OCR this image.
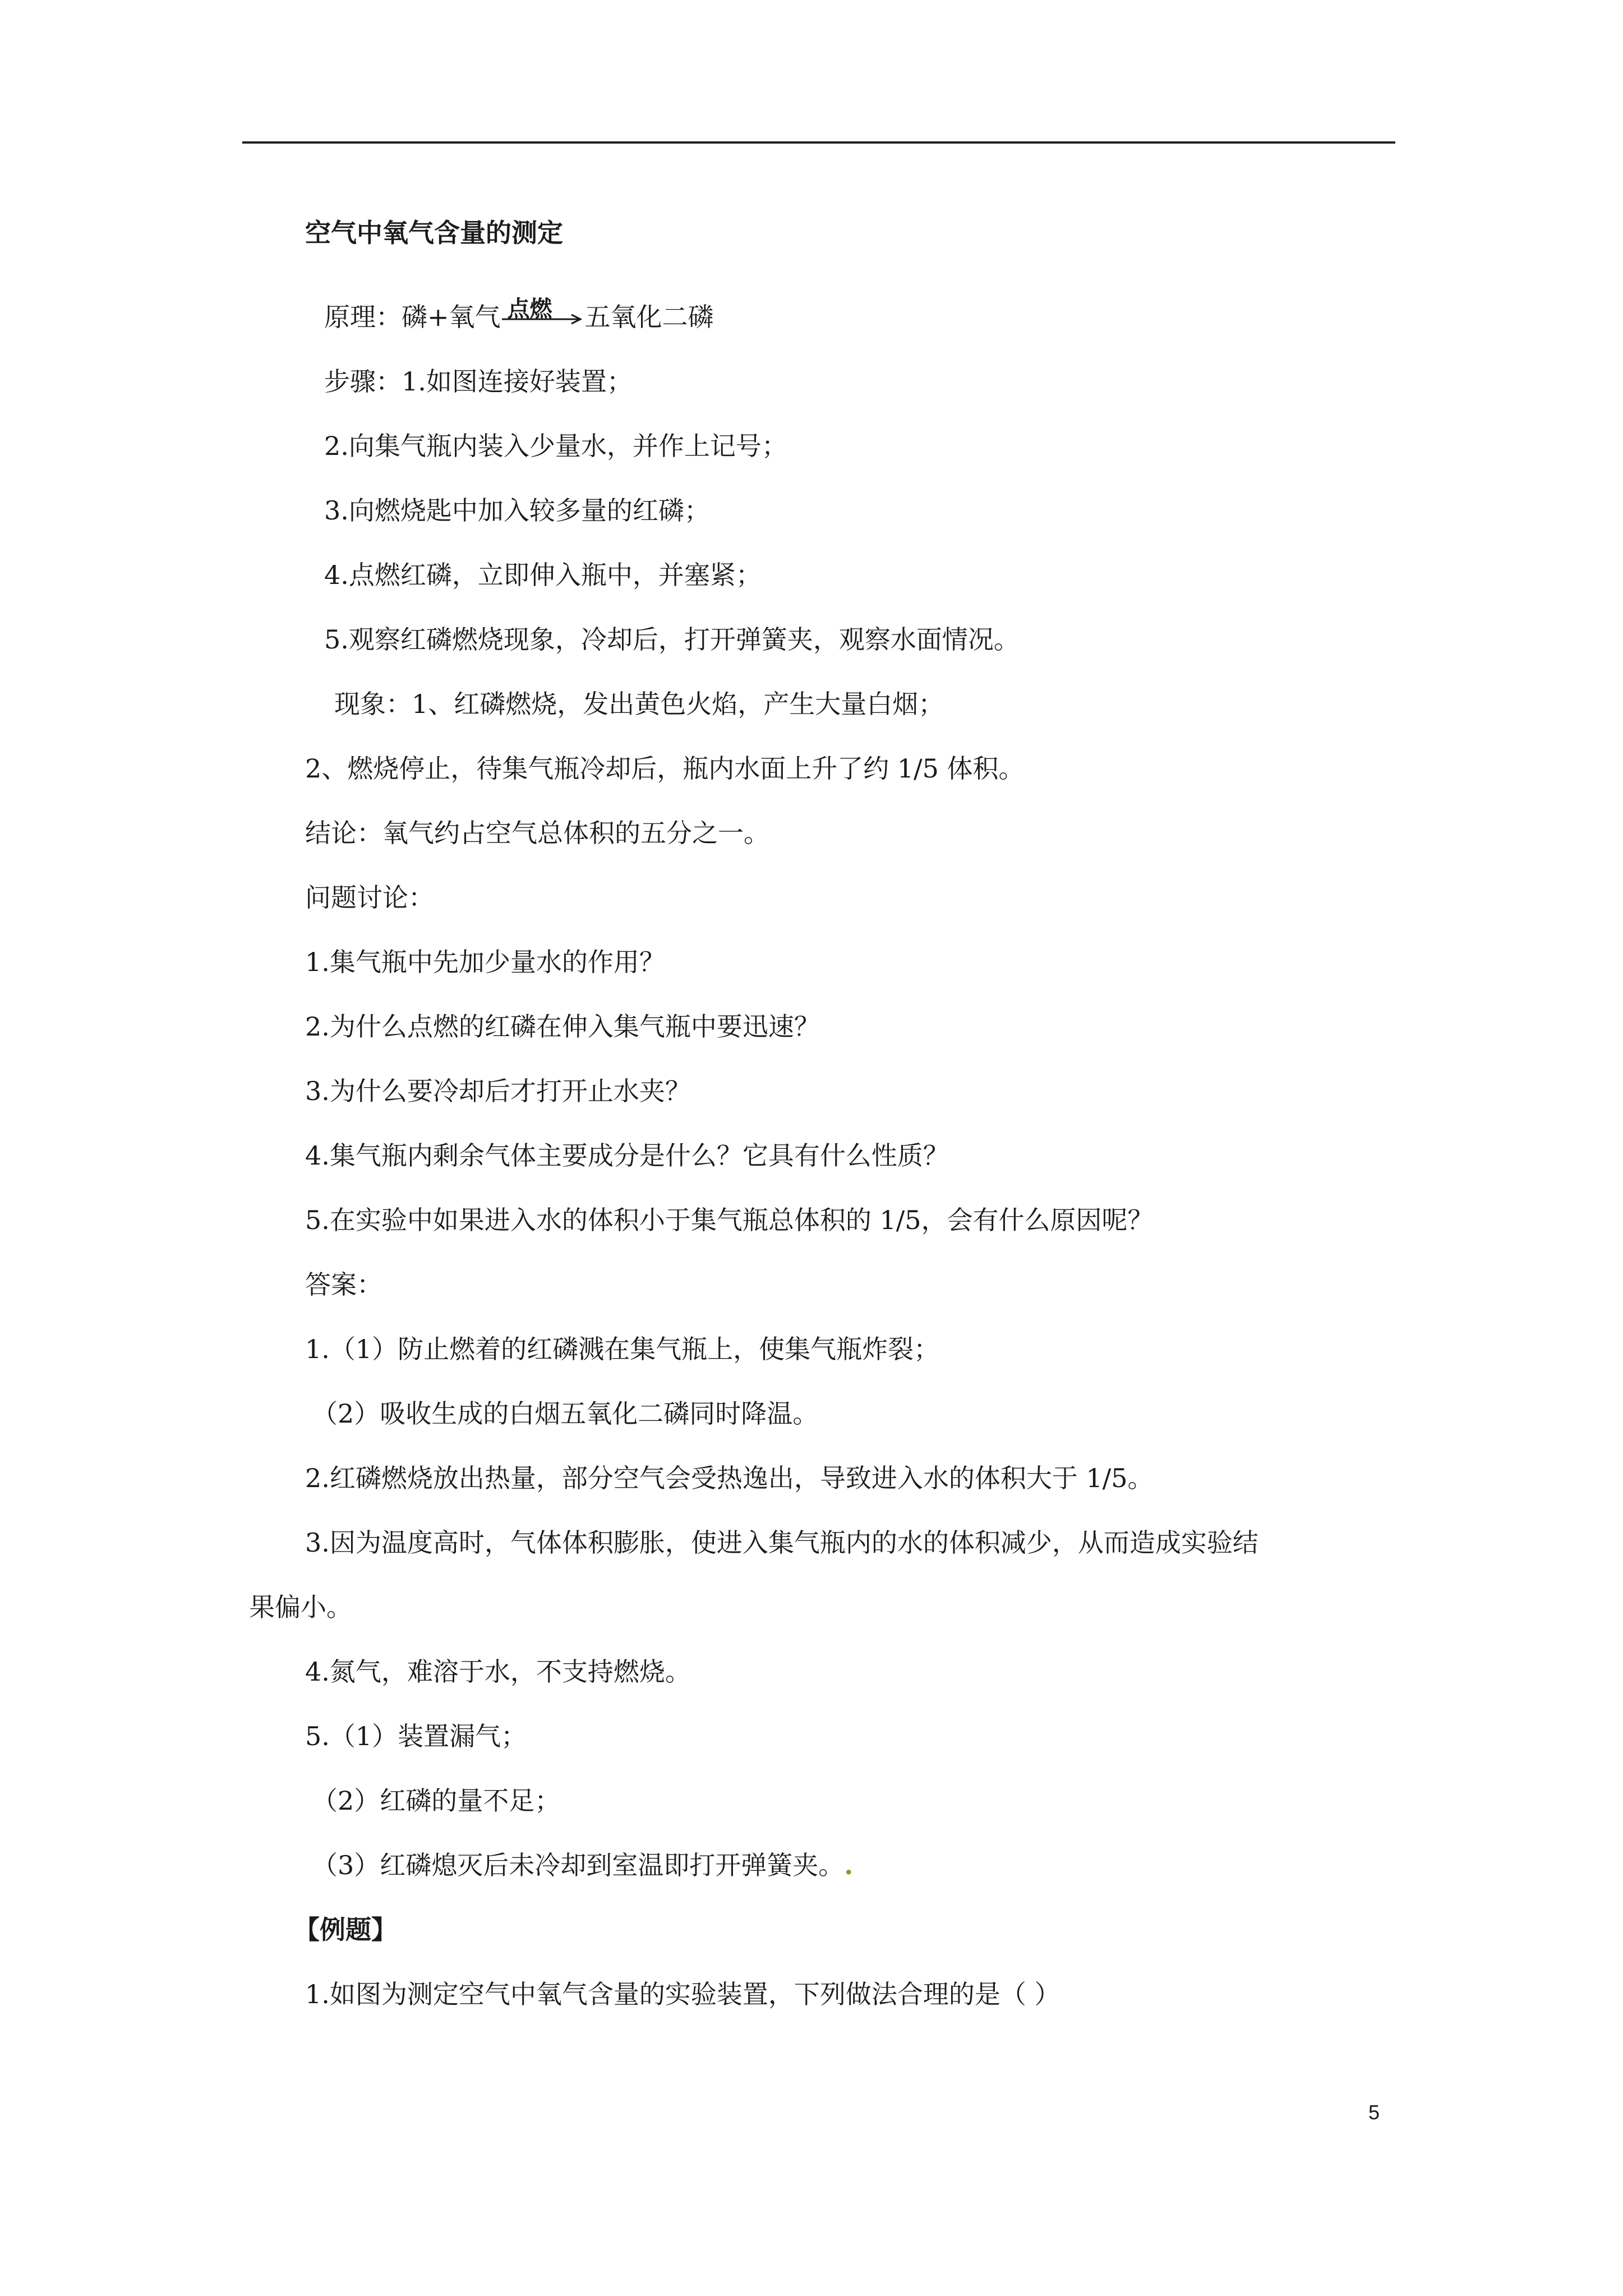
空气中氧气含量的测定
原理：磷+氧气 点燃 五氧化二磷
步骤：1.如图连接好装置；
2.向集气瓶内装入少量水，并作上记号；
3.向燃烧匙中加入较多量的红磷；
4.点燃红磷，立即伸入瓶中，并塞紧；
5.观察红磷燃烧现象，冷却后，打开弹簧夹，观察水面情况。
现象：1、红磷燃烧，发出黄色火焰，产生大量白烟；
2、燃烧停止，待集气瓶冷却后，瓶内水面上升了约 1/5 体积。
结论：氧气约占空气总体积的五分之一。
问题讨论：
1.集气瓶中先加少量水的作用？
2.为什么点燃的红磷在伸入集气瓶中要迅速？
3.为什么要冷却后才打开止水夹？
4.集气瓶内剩余气体主要成分是什么？它具有什么性质？
5.在实验中如果进入水的体积小于集气瓶总体积的 1/5，会有什么原因呢？
答案：
1.（1）防止燃着的红磷溅在集气瓶上，使集气瓶炸裂；
（2）吸收生成的白烟五氧化二磷同时降温。
2.红磷燃烧放出热量，部分空气会受热逸出，导致进入水的体积大于 1/5。
3.因为温度高时，气体体积膨胀，使进入集气瓶内的水的体积减少，从而造成实验结
果偏小。
4.氮气，难溶于水，不支持燃烧。
5.（1）装置漏气；
（2）红磷的量不足；
（3）红磷熄灭后未冷却到室温即打开弹簧夹。.
【例题】
1.如图为测定空气中氧气含量的实验装置，下列做法合理的是（ ）
5
